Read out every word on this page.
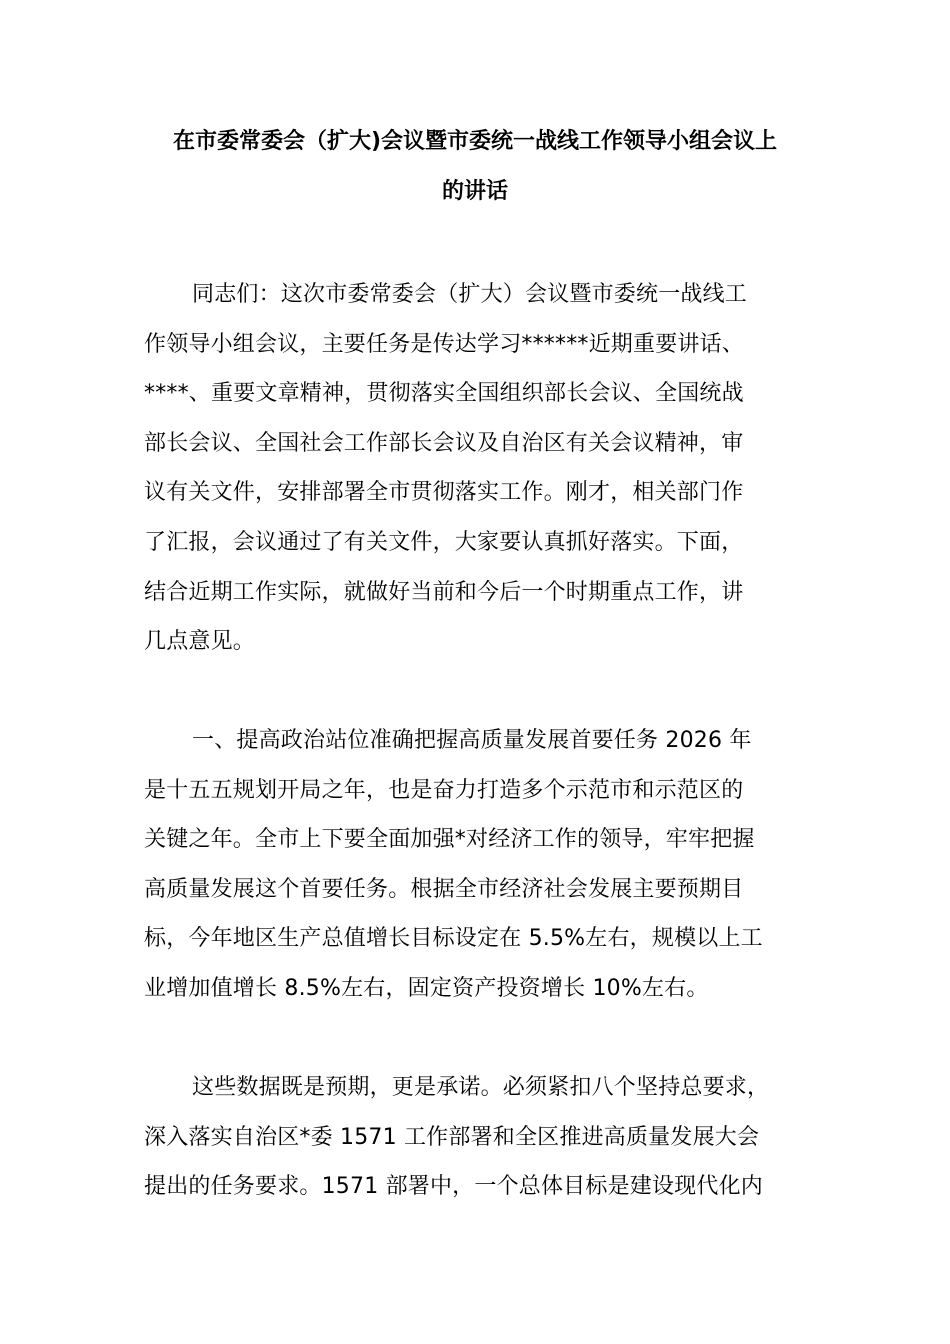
在市委常委会（扩大)会议暨市委统一战线工作领导小组会议上
的讲话
同志们：这次市委常委会（扩大）会议暨市委统一战线工
作领导小组会议，主要任务是传达学习******近期重要讲话、
****、重要文章精神，贯彻落实全国组织部长会议、全国统战
部长会议、全国社会工作部长会议及自治区有关会议精神，审
议有关文件，安排部署全市贯彻落实工作。刚才，相关部门作
了汇报，会议通过了有关文件，大家要认真抓好落实。下面，
结合近期工作实际，就做好当前和今后一个时期重点工作，讲
几点意见。
一、提高政治站位准确把握高质量发展首要任务 2026 年
是十五五规划开局之年，也是奋力打造多个示范市和示范区的
关键之年。全市上下要全面加强*对经济工作的领导，牢牢把握
高质量发展这个首要任务。根据全市经济社会发展主要预期目
标，今年地区生产总值增长目标设定在 5.5%左右，规模以上工
业增加值增长 8.5%左右，固定资产投资增长 10%左右。
这些数据既是预期，更是承诺。必须紧扣八个坚持总要求，
深入落实自治区*委 1571 工作部署和全区推进高质量发展大会
提出的任务要求。1571 部署中，一个总体目标是建设现代化内
